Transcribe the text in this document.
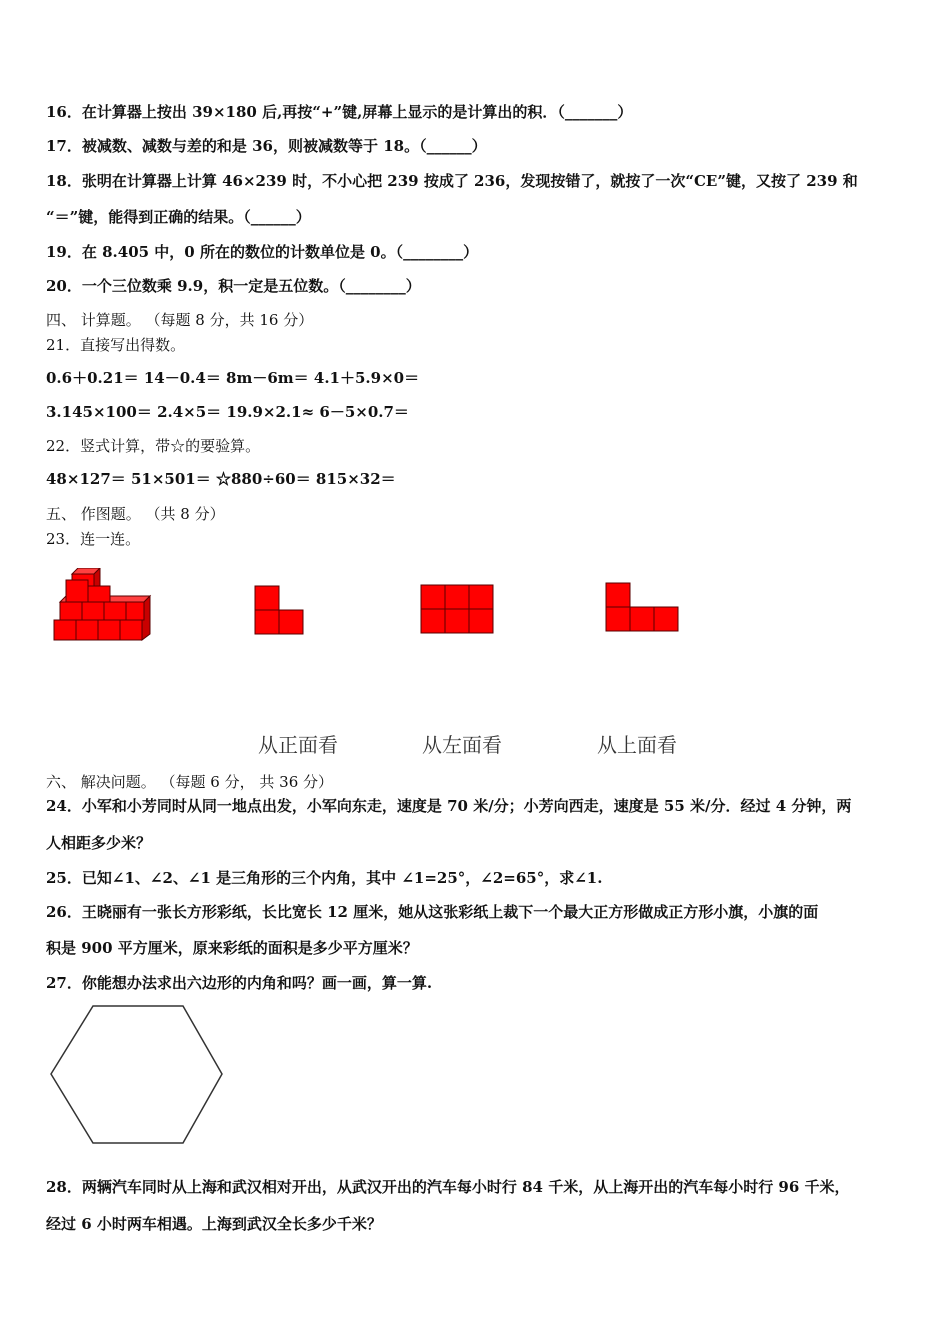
16．在计算器上按出 39×180 后,再按“+”键,屏幕上显示的是计算出的积．（_______）
17．被减数、减数与差的和是 36，则被减数等于 18。（______）
18．张明在计算器上计算 46×239 时，不小心把 239 按成了 236，发现按错了，就按了一次“CE”键，又按了 239 和
“＝”键，能得到正确的结果。（______）
19．在 8.405 中，0 所在的数位的计数单位是 0。（________）
20．一个三位数乘 9.9，积一定是五位数。（________）
四、 计算题。 （每题 8 分，共 16 分）
21．直接写出得数。
0.6＋0.21＝ 14－0.4＝ 8m－6m＝ 4.1＋5.9×0＝
3.145×100＝ 2.4×5＝ 19.9×2.1≈ 6－5×0.7＝
22．竖式计算，带☆的要验算。
48×127＝ 51×501＝ ☆880÷60＝ 815×32＝
五、 作图题。 （共 8 分）
23．连一连。
从正面看	从左面看	从上面看
六、 解决问题。 （每题 6 分， 共 36 分）
24．小军和小芳同时从同一地点出发，小军向东走，速度是 70 米/分；小芳向西走，速度是 55 米/分．经过 4 分钟，两
人相距多少米？
25．已知∠1、∠2、∠1 是三角形的三个内角，其中 ∠1=25°，∠2=65°，求∠1.
26．王晓丽有一张长方形彩纸，长比宽长 12 厘米，她从这张彩纸上裁下一个最大正方形做成正方形小旗，小旗的面
积是 900 平方厘米，原来彩纸的面积是多少平方厘米？
27．你能想办法求出六边形的内角和吗？画一画，算一算.
28．两辆汽车同时从上海和武汉相对开出，从武汉开出的汽车每小时行 84 千米，从上海开出的汽车每小时行 96 千米，
经过 6 小时两车相遇。上海到武汉全长多少千米？
